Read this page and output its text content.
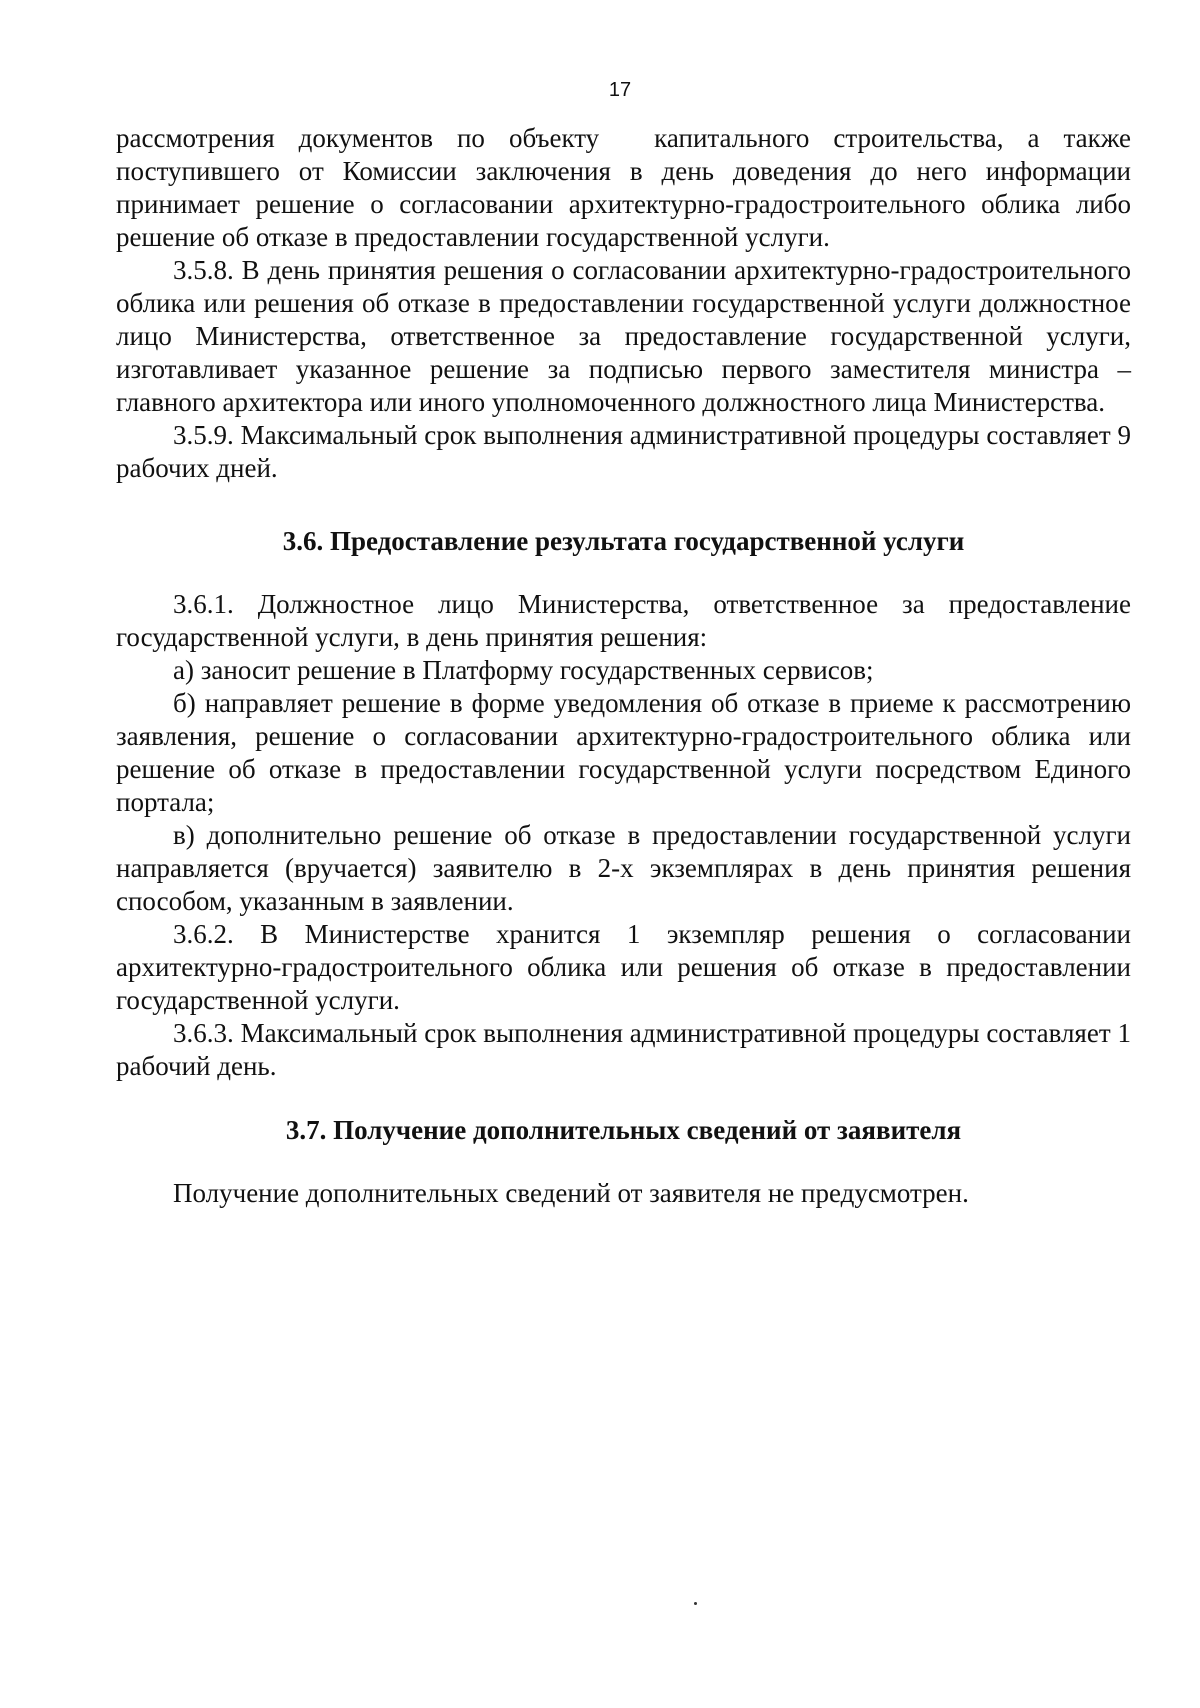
17

рассмотрения документов по объекту капитального строительства, а также поступившего от Комиссии заключения в день доведения до него информации принимает решение о согласовании архитектурно-градостроительного облика либо решение об отказе в предоставлении государственной услуги.

3.5.8. В день принятия решения о согласовании архитектурно-градостроительного облика или решения об отказе в предоставлении государственной услуги должностное лицо Министерства, ответственное за предоставление государственной услуги, изготавливает указанное решение за подписью первого заместителя министра – главного архитектора или иного уполномоченного должностного лица Министерства.

3.5.9. Максимальный срок выполнения административной процедуры составляет 9 рабочих дней.

3.6. Предоставление результата государственной услуги

3.6.1. Должностное лицо Министерства, ответственное за предоставление государственной услуги, в день принятия решения:

а) заносит решение в Платформу государственных сервисов;

б) направляет решение в форме уведомления об отказе в приеме к рассмотрению заявления, решение о согласовании архитектурно-градостроительного облика или решение об отказе в предоставлении государственной услуги посредством Единого портала;

в) дополнительно решение об отказе в предоставлении государственной услуги направляется (вручается) заявителю в 2-х экземплярах в день принятия решения способом, указанным в заявлении.

3.6.2. В Министерстве хранится 1 экземпляр решения о согласовании архитектурно-градостроительного облика или решения об отказе в предоставлении государственной услуги.

3.6.3. Максимальный срок выполнения административной процедуры составляет 1 рабочий день.

3.7. Получение дополнительных сведений от заявителя

Получение дополнительных сведений от заявителя не предусмотрен.
